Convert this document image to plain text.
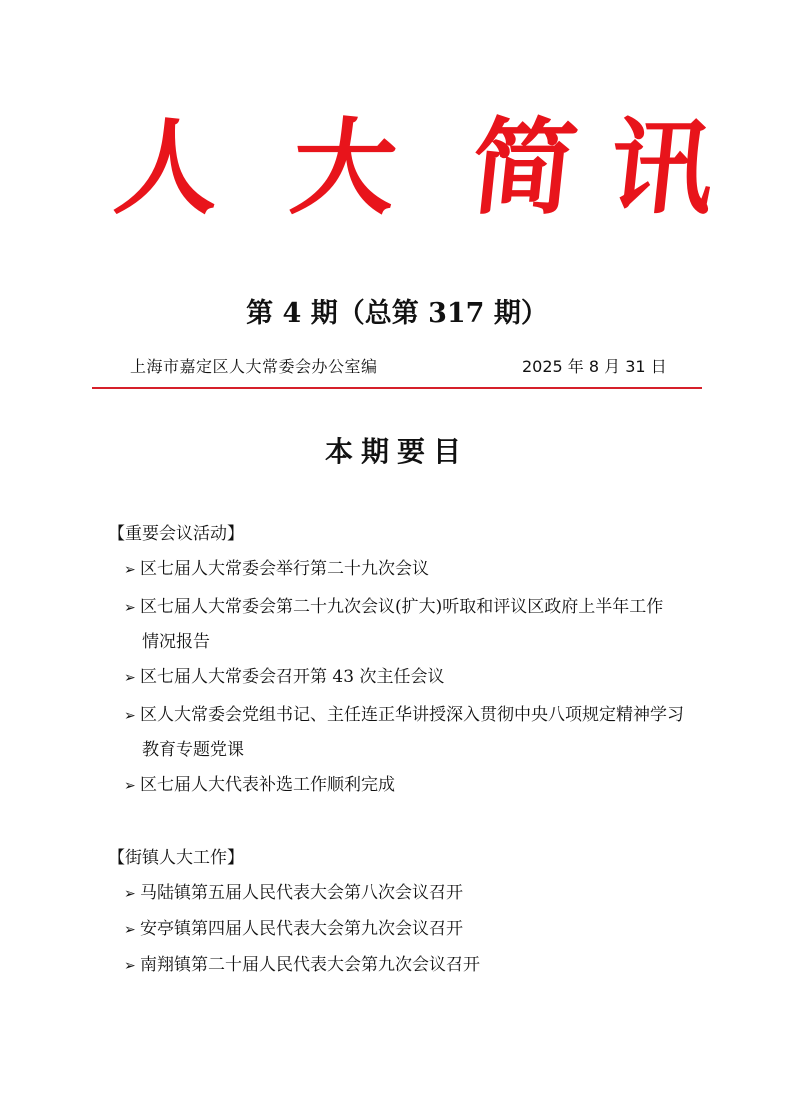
人 大 简 讯
第 4 期（总第 317 期）
上海市嘉定区人大常委会办公室编	2025 年 8 月 31 日
本期要目
【重要会议活动】
➢ 区七届人大常委会举行第二十九次会议
➢ 区七届人大常委会第二十九次会议(扩大)听取和评议区政府上半年工作
情况报告
➢ 区七届人大常委会召开第 43 次主任会议
➢ 区人大常委会党组书记、主任连正华讲授深入贯彻中央八项规定精神学习
教育专题党课
➢ 区七届人大代表补选工作顺利完成
【街镇人大工作】
➢ 马陆镇第五届人民代表大会第八次会议召开
➢ 安亭镇第四届人民代表大会第九次会议召开
➢ 南翔镇第二十届人民代表大会第九次会议召开
